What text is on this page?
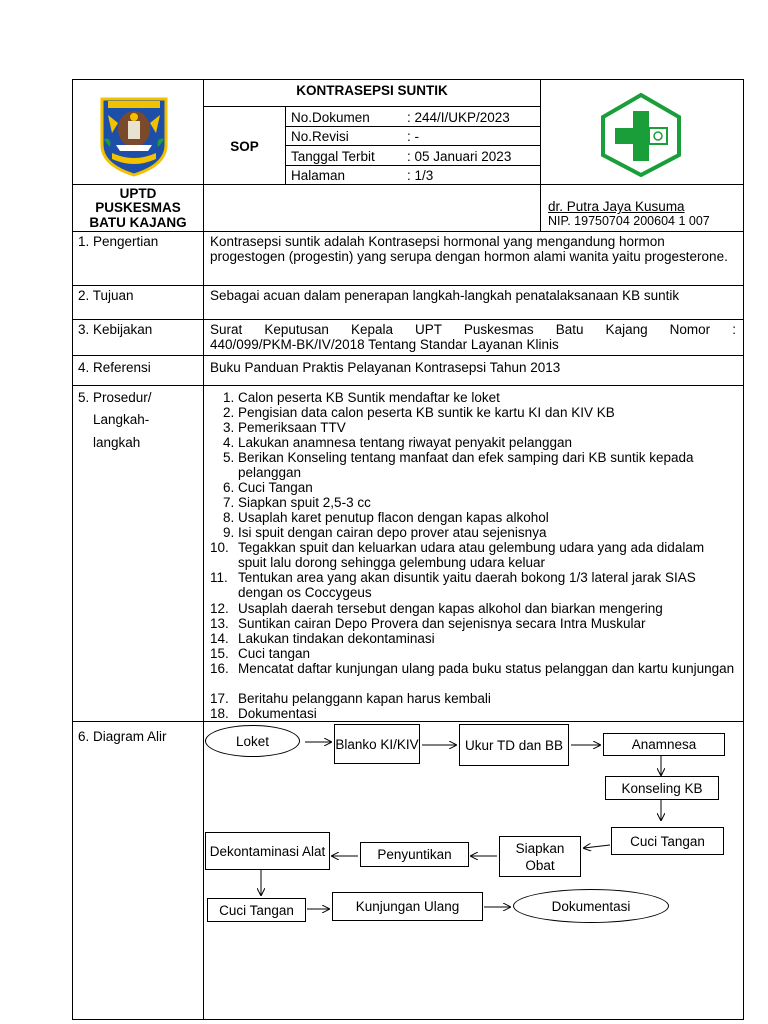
KONTRASEPSI SUNTIK
SOP
No.Dokumen	: 244/I/UKP/2023
No.Revisi	: -
Tanggal Terbit : 05 Januari 2023
Halaman	: 1/3
UPTD
PUSKESMAS
BATU KAJANG
dr. Putra Jaya Kusuma
NIP. 19750704 200604 1 007
1. Pengertian	Kontrasepsi suntik adalah Kontrasepsi hormonal yang mengandung hormon progestogen (progestin) yang serupa dengan hormon alami wanita yaitu progesterone.
2. Tujuan	Sebagai acuan dalam penerapan langkah-langkah penatalaksanaan KB suntik
3. Kebijakan	Surat Keputusan Kepala UPT Puskesmas Batu Kajang Nomor :
440/099/PKM-BK/IV/2018 Tentang Standar Layanan Klinis
4. Referensi	Buku Panduan Praktis Pelayanan Kontrasepsi Tahun 2013
5. Prosedur/
Langkah-
langkah
1. Calon peserta KB Suntik mendaftar ke loket
2. Pengisian data calon peserta KB suntik ke kartu KI dan KIV KB
3. Pemeriksaan TTV
4. Lakukan anamnesa tentang riwayat penyakit pelanggan
5. Berikan Konseling tentang manfaat dan efek samping dari KB suntik kepada pelanggan
6. Cuci Tangan
7. Siapkan spuit 2,5-3 cc
8. Usaplah karet penutup flacon dengan kapas alkohol
9. Isi spuit dengan cairan depo prover atau sejenisnya
10. Tegakkan spuit dan keluarkan udara atau gelembung udara yang ada didalam spuit lalu dorong sehingga gelembung udara keluar
11. Tentukan area yang akan disuntik yaitu daerah bokong 1/3 lateral jarak SIAS dengan os Coccygeus
12. Usaplah daerah tersebut dengan kapas alkohol dan biarkan mengering
13. Suntikan cairan Depo Provera dan sejenisnya secara Intra Muskular
14. Lakukan tindakan dekontaminasi
15. Cuci tangan
16. Mencatat daftar kunjungan ulang pada buku status pelanggan dan kartu kunjungan
17. Beritahu pelanggann kapan harus kembali
18. Dokumentasi
6. Diagram Alir	Loket	Blanko KI/KIV	Ukur TD dan BB	Anamnesa
Konseling KB
Cuci Tangan
Siapkan Obat
Penyuntikan
Dekontaminasi Alat
Cuci Tangan	Kunjungan Ulang	Dokumentasi
